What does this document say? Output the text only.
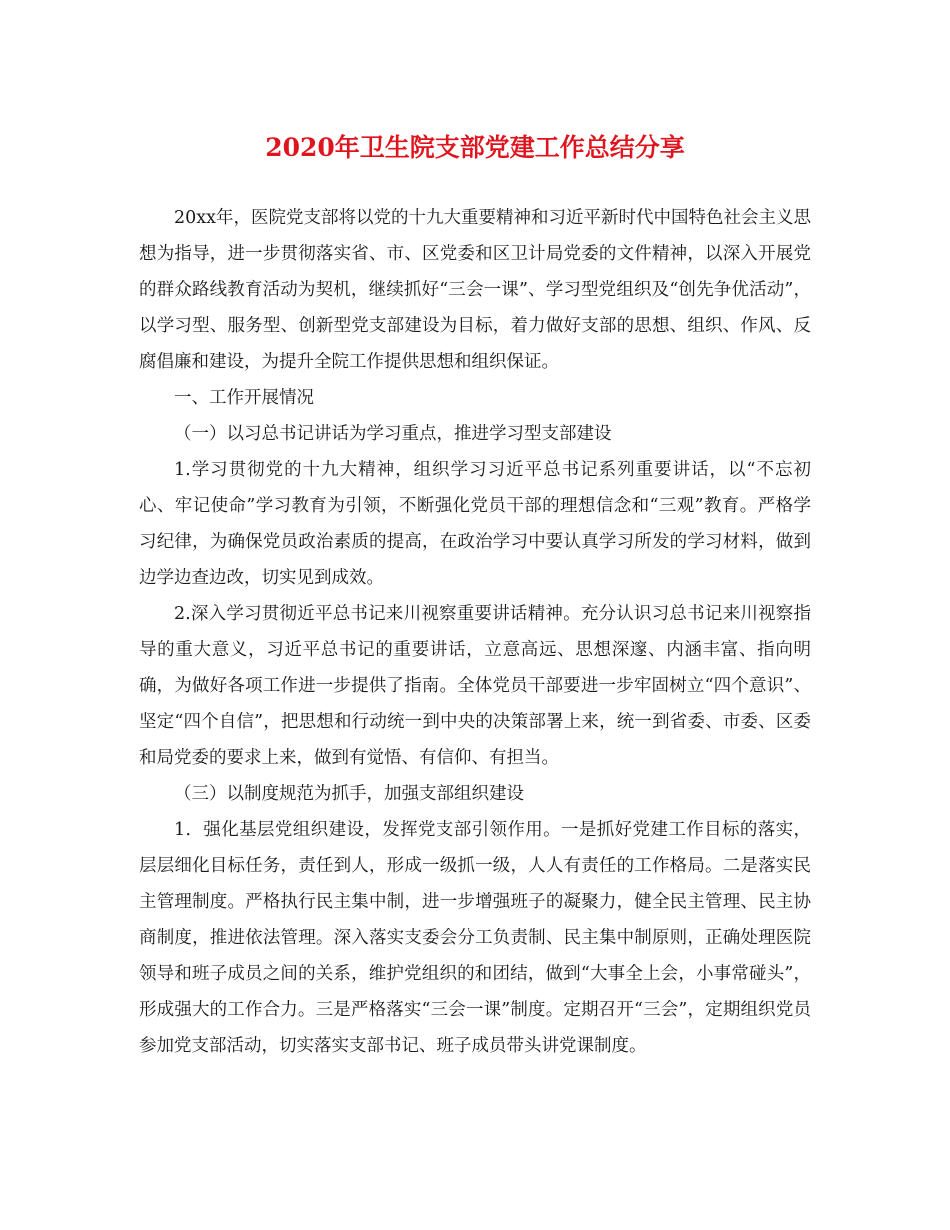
2020年卫生院支部党建工作总结分享

20xx年，医院党支部将以党的十九大重要精神和习近平新时代中国特色社会主义思想为指导，进一步贯彻落实省、市、区党委和区卫计局党委的文件精神，以深入开展党的群众路线教育活动为契机，继续抓好“三会一课”、学习型党组织及“创先争优活动”，以学习型、服务型、创新型党支部建设为目标，着力做好支部的思想、组织、作风、反腐倡廉和建设，为提升全院工作提供思想和组织保证。

一、工作开展情况

（一）以习总书记讲话为学习重点，推进学习型支部建设

1.学习贯彻党的十九大精神，组织学习习近平总书记系列重要讲话，以“不忘初心、牢记使命”学习教育为引领，不断强化党员干部的理想信念和“三观”教育。严格学习纪律，为确保党员政治素质的提高，在政治学习中要认真学习所发的学习材料，做到边学边查边改，切实见到成效。

2.深入学习贯彻近平总书记来川视察重要讲话精神。充分认识习总书记来川视察指导的重大意义，习近平总书记的重要讲话，立意高远、思想深邃、内涵丰富、指向明确，为做好各项工作进一步提供了指南。全体党员干部要进一步牢固树立“四个意识”、坚定“四个自信”，把思想和行动统一到中央的决策部署上来，统一到省委、市委、区委和局党委的要求上来，做到有觉悟、有信仰、有担当。

（三）以制度规范为抓手，加强支部组织建设

1．强化基层党组织建设，发挥党支部引领作用。一是抓好党建工作目标的落实，层层细化目标任务，责任到人，形成一级抓一级，人人有责任的工作格局。二是落实民主管理制度。严格执行民主集中制，进一步增强班子的凝聚力，健全民主管理、民主协商制度，推进依法管理。深入落实支委会分工负责制、民主集中制原则，正确处理医院领导和班子成员之间的关系，维护党组织的和团结，做到“大事全上会，小事常碰头”，形成强大的工作合力。三是严格落实“三会一课”制度。定期召开“三会”，定期组织党员参加党支部活动，切实落实支部书记、班子成员带头讲党课制度。
